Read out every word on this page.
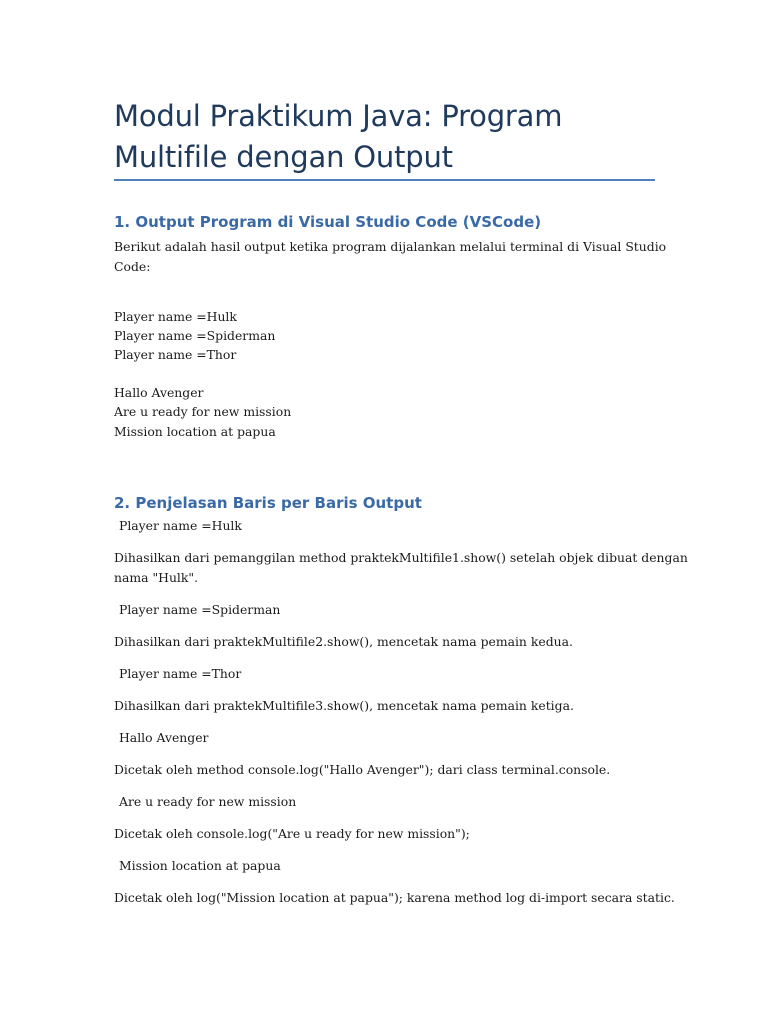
Modul Praktikum Java: Program
Multifile dengan Output
1. Output Program di Visual Studio Code (VSCode)
Berikut adalah hasil output ketika program dijalankan melalui terminal di Visual Studio
Code:
Player name =Hulk
Player name =Spiderman
Player name =Thor
Hallo Avenger
Are u ready for new mission
Mission location at papua
2. Penjelasan Baris per Baris Output
Player name =Hulk
Dihasilkan dari pemanggilan method praktekMultifile1.show() setelah objek dibuat dengan
nama "Hulk".
Player name =Spiderman
Dihasilkan dari praktekMultifile2.show(), mencetak nama pemain kedua.
Player name =Thor
Dihasilkan dari praktekMultifile3.show(), mencetak nama pemain ketiga.
Hallo Avenger
Dicetak oleh method console.log("Hallo Avenger"); dari class terminal.console.
Are u ready for new mission
Dicetak oleh console.log("Are u ready for new mission");
Mission location at papua
Dicetak oleh log("Mission location at papua"); karena method log di-import secara static.
